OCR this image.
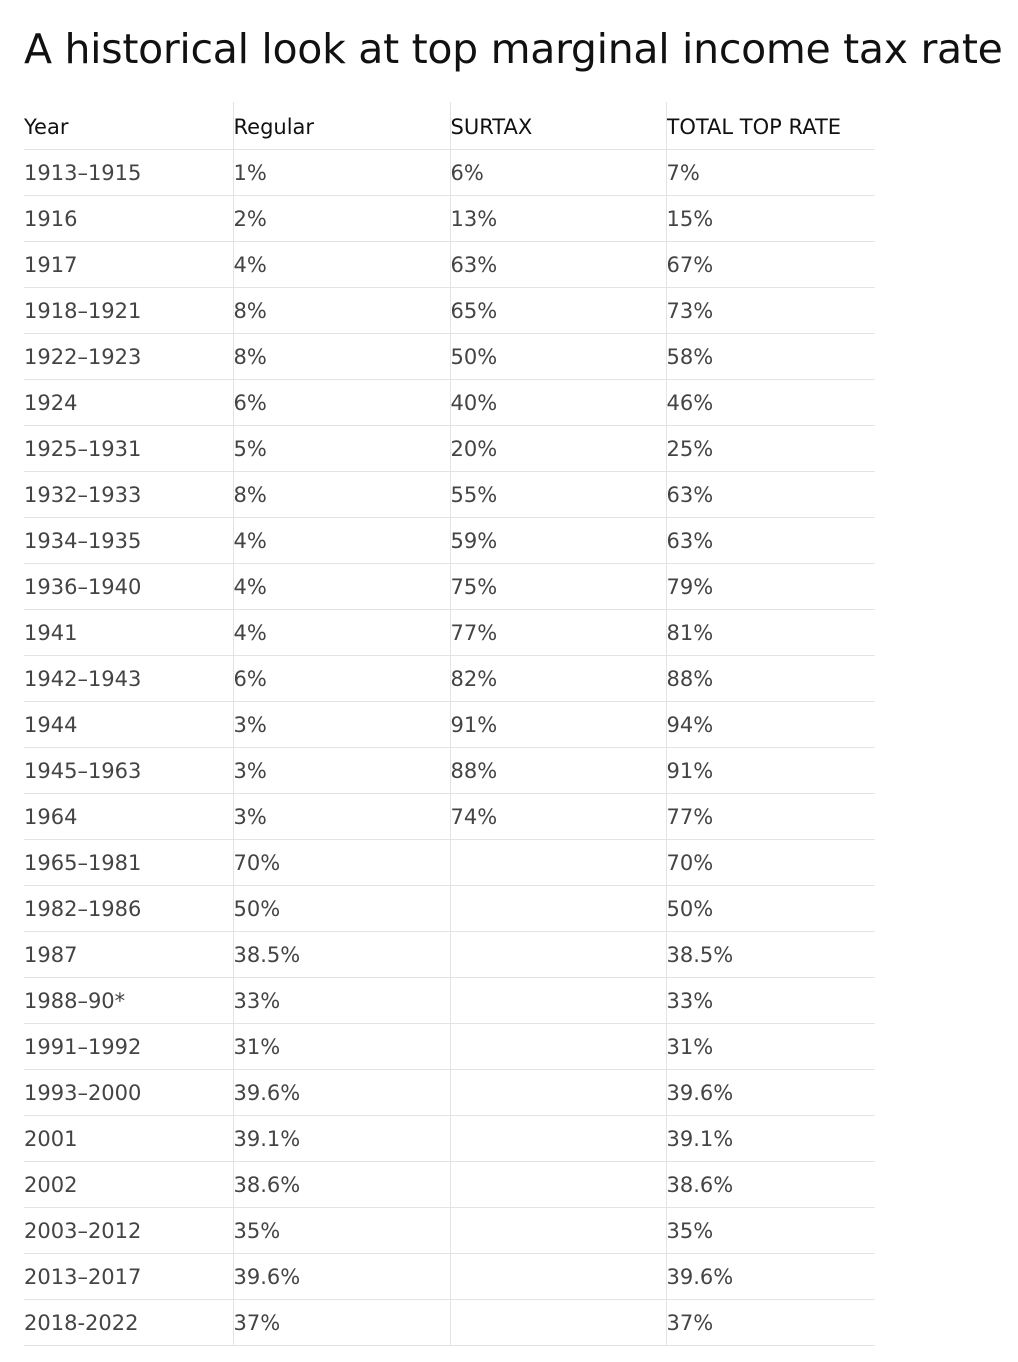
A historical look at top marginal income tax rate
Year	Regular	SURTAX	TOTAL TOP RATE
1913–1915	1%	6%	7%
1916	2%	13%	15%
1917	4%	63%	67%
1918–1921	8%	65%	73%
1922–1923	8%	50%	58%
1924	6%	40%	46%
1925–1931	5%	20%	25%
1932–1933	8%	55%	63%
1934–1935	4%	59%	63%
1936–1940	4%	75%	79%
1941	4%	77%	81%
1942–1943	6%	82%	88%
1944	3%	91%	94%
1945–1963	3%	88%	91%
1964	3%	74%	77%
1965–1981	70%		70%
1982–1986	50%		50%
1987	38.5%		38.5%
1988–90*	33%		33%
1991–1992	31%		31%
1993–2000	39.6%		39.6%
2001	39.1%		39.1%
2002	38.6%		38.6%
2003–2012	35%		35%
2013–2017	39.6%		39.6%
2018-2022	37%		37%
